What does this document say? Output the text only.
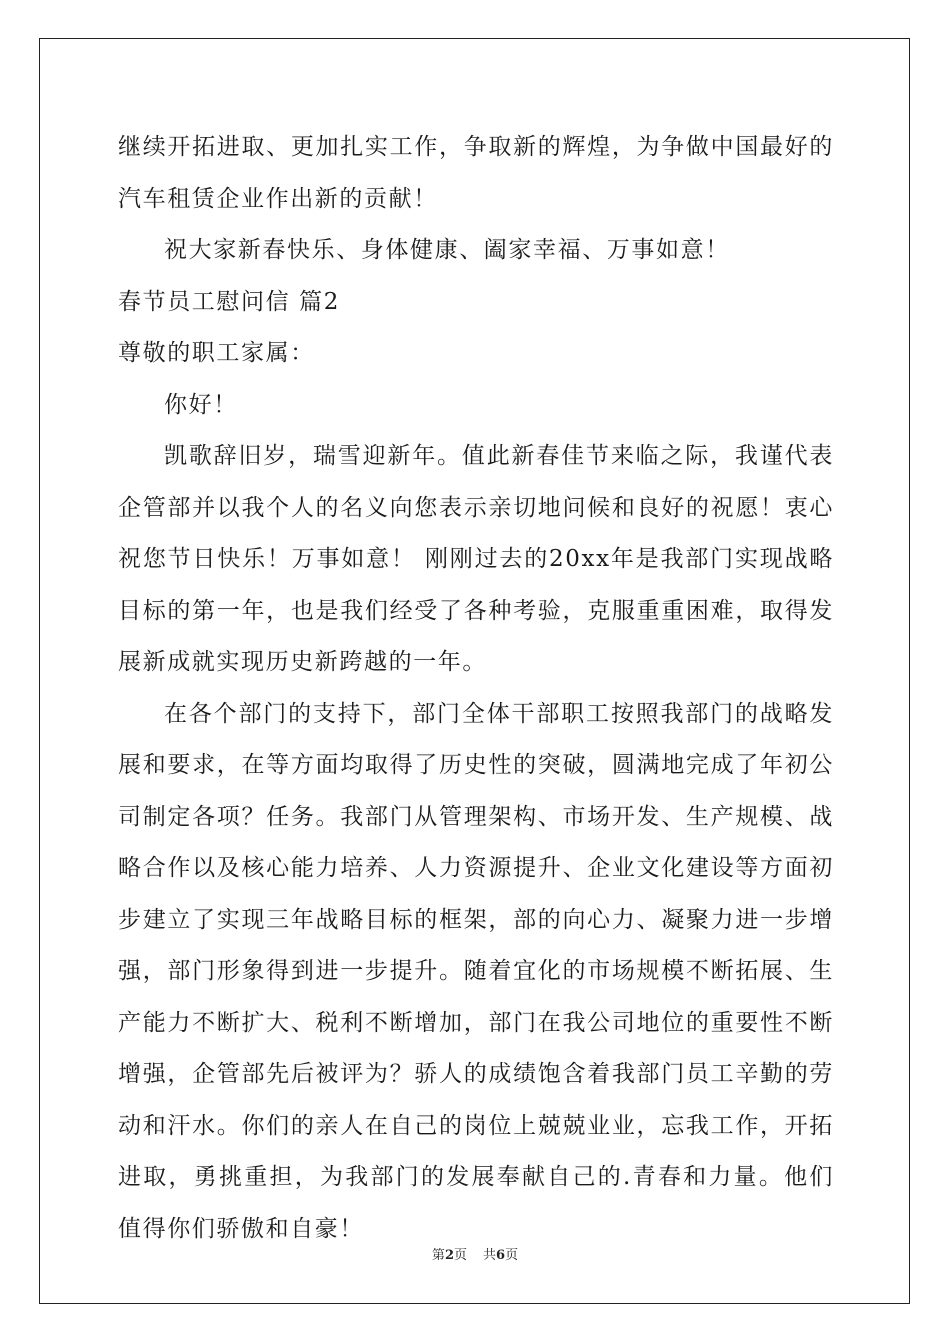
继续开拓进取、更加扎实工作，争取新的辉煌，为争做中国最好的汽车租赁企业作出新的贡献！

祝大家新春快乐、身体健康、阖家幸福、万事如意！

春节员工慰问信 篇2

尊敬的职工家属：

你好！

凯歌辞旧岁，瑞雪迎新年。值此新春佳节来临之际，我谨代表企管部并以我个人的名义向您表示亲切地问候和良好的祝愿！衷心祝您节日快乐！万事如意！ 刚刚过去的20xx年是我部门实现战略目标的第一年，也是我们经受了各种考验，克服重重困难，取得发展新成就实现历史新跨越的一年。

在各个部门的支持下，部门全体干部职工按照我部门的战略发展和要求，在等方面均取得了历史性的突破，圆满地完成了年初公司制定各项？任务。我部门从管理架构、市场开发、生产规模、战略合作以及核心能力培养、人力资源提升、企业文化建设等方面初步建立了实现三年战略目标的框架，部的向心力、凝聚力进一步增强，部门形象得到进一步提升。随着宜化的市场规模不断拓展、生产能力不断扩大、税利不断增加，部门在我公司地位的重要性不断增强，企管部先后被评为？骄人的成绩饱含着我部门员工辛勤的劳动和汗水。你们的亲人在自己的岗位上兢兢业业，忘我工作，开拓进取，勇挑重担，为我部门的发展奉献自己的.青春和力量。他们值得你们骄傲和自豪！

第2页 共6页
